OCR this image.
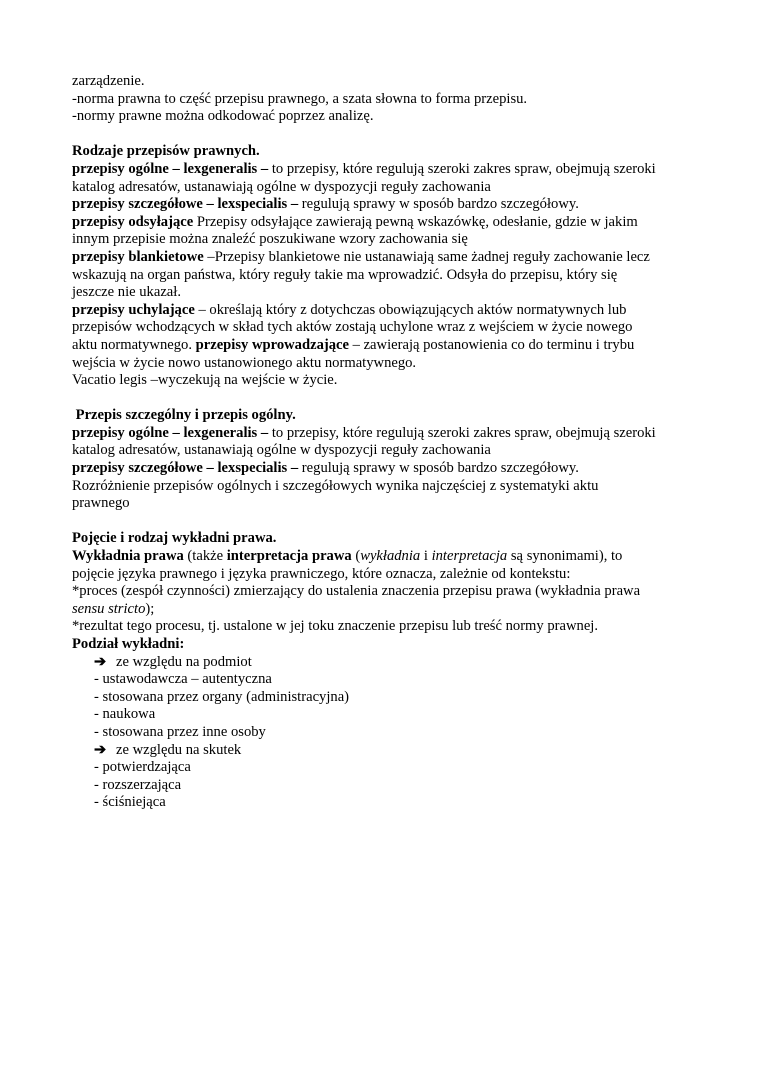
zarządzenie.
-norma prawna to część przepisu prawnego, a szata słowna to forma przepisu.
-normy prawne można odkodować poprzez analizę.
Rodzaje przepisów prawnych.
przepisy ogólne – lexgeneralis – to przepisy, które regulują szeroki zakres spraw, obejmują szeroki
katalog adresatów, ustanawiają ogólne w dyspozycji reguły zachowania
przepisy szczegółowe – lexspecialis – regulują sprawy w sposób bardzo szczegółowy.
przepisy odsyłające Przepisy odsyłające zawierają pewną wskazówkę, odesłanie, gdzie w jakim
innym przepisie można znaleźć poszukiwane wzory zachowania się
przepisy blankietowe –Przepisy blankietowe nie ustanawiają same żadnej reguły zachowanie lecz
wskazują na organ państwa, który reguły takie ma wprowadzić. Odsyła do przepisu, który się
jeszcze nie ukazał.
przepisy uchylające – określają który z dotychczas obowiązujących aktów normatywnych lub
przepisów wchodzących w skład tych aktów zostają uchylone wraz z wejściem w życie nowego
aktu normatywnego. przepisy wprowadzające – zawierają postanowienia co do terminu i trybu
wejścia w życie nowo ustanowionego aktu normatywnego.
Vacatio legis –wyczekują na wejście w życie.
Przepis szczególny i przepis ogólny.
przepisy ogólne – lexgeneralis – to przepisy, które regulują szeroki zakres spraw, obejmują szeroki
katalog adresatów, ustanawiają ogólne w dyspozycji reguły zachowania
przepisy szczegółowe – lexspecialis – regulują sprawy w sposób bardzo szczegółowy.
Rozróżnienie przepisów ogólnych i szczegółowych wynika najczęściej z systematyki aktu
prawnego
Pojęcie i rodzaj wykładni prawa.
Wykładnia prawa (także interpretacja prawa (wykładnia i interpretacja są synonimami), to
pojęcie języka prawnego i języka prawniczego, które oznacza, zależnie od kontekstu:
*proces (zespół czynności) zmierzający do ustalenia znaczenia przepisu prawa (wykładnia prawa
sensu stricto);
*rezultat tego procesu, tj. ustalone w jej toku znaczenie przepisu lub treść normy prawnej.
Podział wykładni:
➔ ze względu na podmiot
- ustawodawcza – autentyczna
- stosowana przez organy (administracyjna)
- naukowa
- stosowana przez inne osoby
➔ ze względu na skutek
- potwierdzająca
- rozszerzająca
- ściśniejąca
